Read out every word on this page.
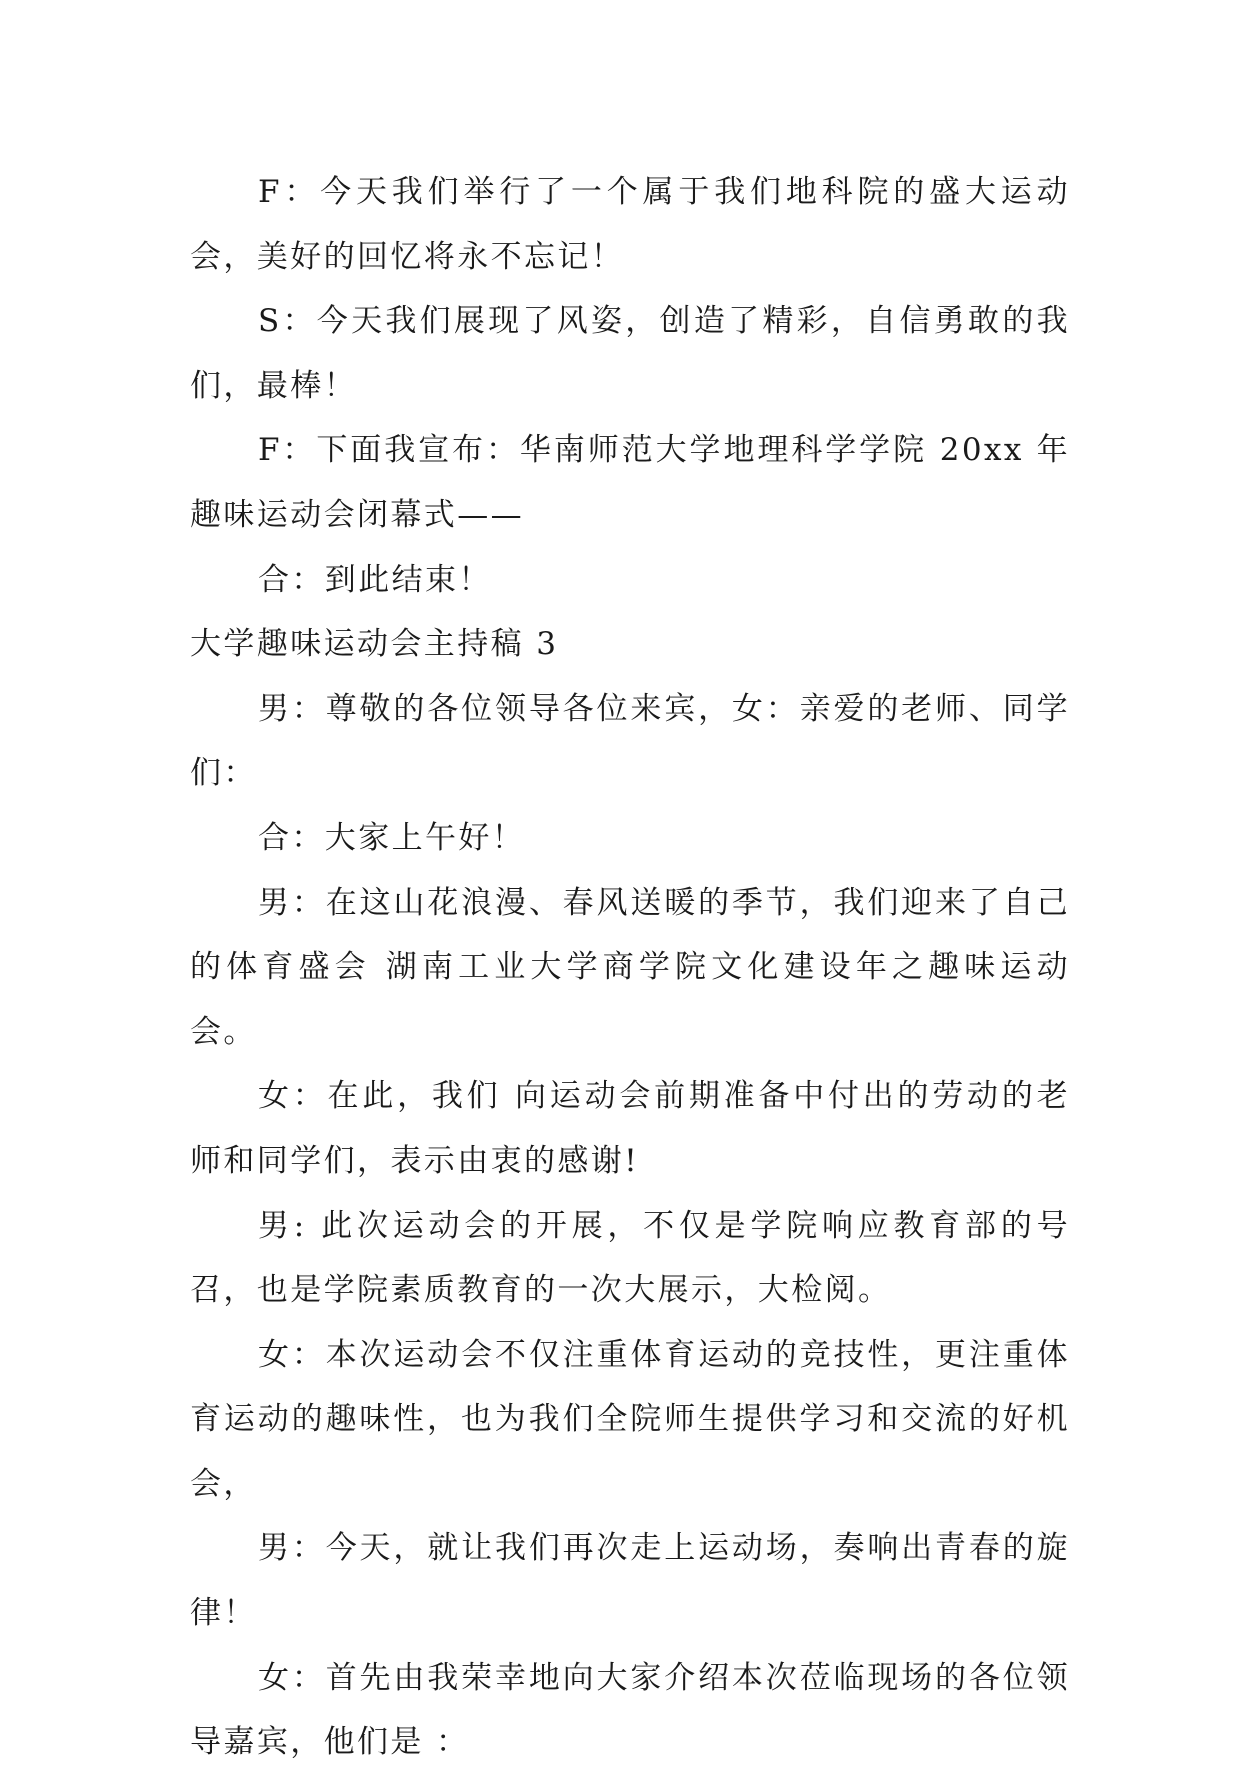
F：今天我们举行了一个属于我们地科院的盛大运动会，美好的回忆将永不忘记！

S：今天我们展现了风姿，创造了精彩，自信勇敢的我们，最棒！

F：下面我宣布：华南师范大学地理科学学院 20xx 年趣味运动会闭幕式——

合：到此结束！

大学趣味运动会主持稿 3

男：尊敬的各位领导各位来宾，女：亲爱的老师、同学们：

合：大家上午好！

男：在这山花浪漫、春风送暖的季节，我们迎来了自己的体育盛会 湖南工业大学商学院文化建设年之趣味运动会。

女：在此，我们 向运动会前期准备中付出的劳动的老师和同学们，表示由衷的感谢!

男: 此次运动会的开展，不仅是学院响应教育部的号召，也是学院素质教育的一次大展示，大检阅。

女：本次运动会不仅注重体育运动的竞技性，更注重体育运动的趣味性，也为我们全院师生提供学习和交流的好机会，

男：今天，就让我们再次走上运动场，奏响出青春的旋律！

女：首先由我荣幸地向大家介绍本次莅临现场的各位领导嘉宾，他们是 ：
